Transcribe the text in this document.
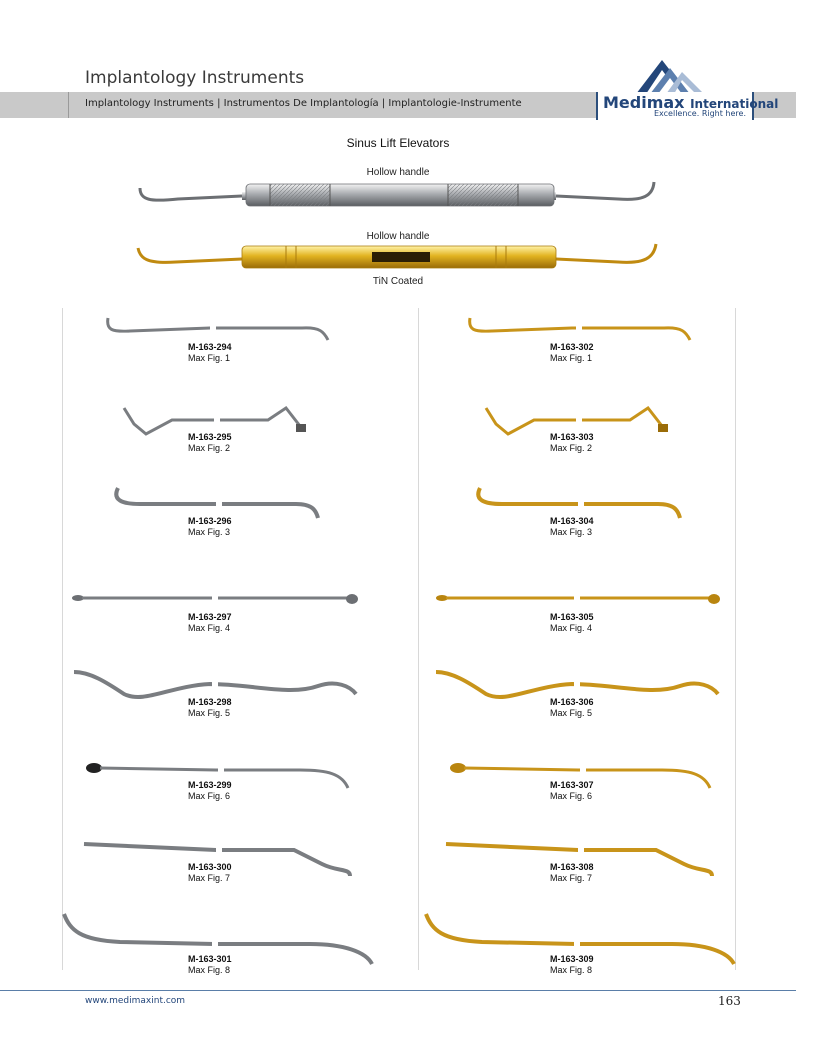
Implantology Instruments
Implantology Instruments | Instrumentos De Implantología | Implantologie-Instrumente	Medimax International
Excellence. Right here.
Sinus Lift Elevators
Hollow handle
Hollow handle
TiN Coated
M-163-294
Max Fig. 1
M-163-295
Max Fig. 2
M-163-296
Max Fig. 3
M-163-297
Max Fig. 4
M-163-298
Max Fig. 5
M-163-299
Max Fig. 6
M-163-300
Max Fig. 7
M-163-301
Max Fig. 8
M-163-302
Max Fig. 1
M-163-303
Max Fig. 2
M-163-304
Max Fig. 3
M-163-305
Max Fig. 4
M-163-306
Max Fig. 5
M-163-307
Max Fig. 6
M-163-308
Max Fig. 7
M-163-309
Max Fig. 8
www.medimaxint.com	163
